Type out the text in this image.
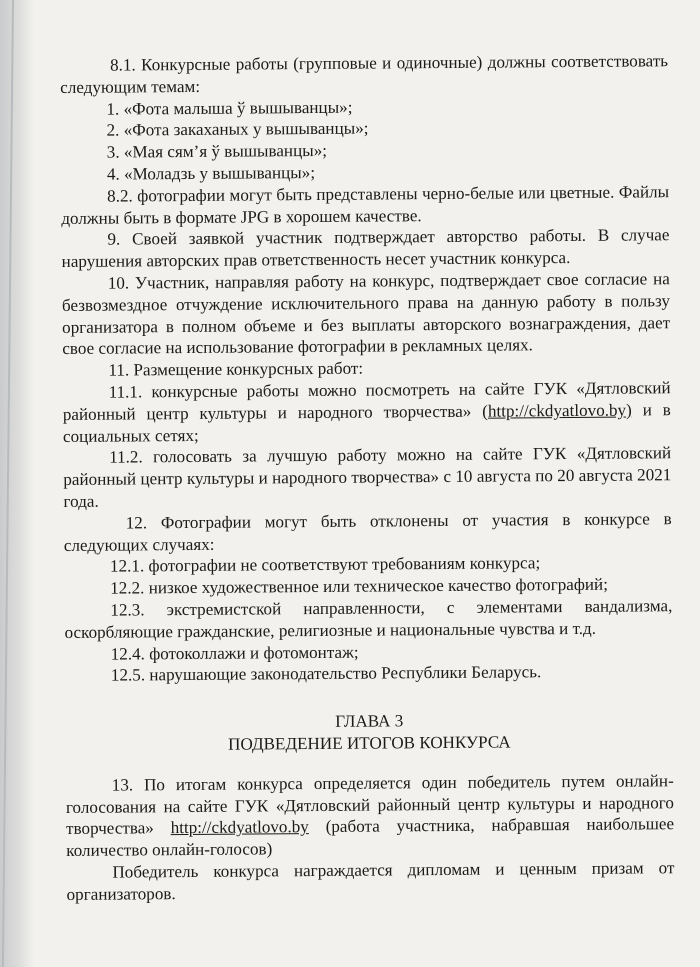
8.1. Конкурсные работы (групповые и одиночные) должны соответствовать следующим темам:

1. «Фота малыша ў вышыванцы»;

2. «Фота закаханых у вышыванцы»;

3. «Мая сям’я ў вышыванцы»;

4. «Моладзь у вышыванцы»;

8.2. фотографии могут быть представлены черно-белые или цветные. Файлы должны быть в формате JPG в хорошем качестве.

9. Своей заявкой участник подтверждает авторство работы. В случае нарушения авторских прав ответственность несет участник конкурса.

10. Участник, направляя работу на конкурс, подтверждает свое согласие на безвозмездное отчуждение исключительного права на данную работу в пользу организатора в полном объеме и без выплаты авторского вознаграждения, дает свое согласие на использование фотографии в рекламных целях.

11. Размещение конкурсных работ:

11.1. конкурсные работы можно посмотреть на сайте ГУК «Дятловский районный центр культуры и народного творчества» (http://ckdyatlovo.by) и в социальных сетях;

11.2. голосовать за лучшую работу можно на сайте ГУК «Дятловский районный центр культуры и народного творчества» с 10 августа по 20 августа 2021 года.

12. Фотографии могут быть отклонены от участия в конкурсе в следующих случаях:

12.1. фотографии не соответствуют требованиям конкурса;

12.2. низкое художественное или техническое качество фотографий;

12.3. экстремистской направленности, с элементами вандализма, оскорбляющие гражданские, религиозные и национальные чувства и т.д.

12.4. фотоколлажи и фотомонтаж;

12.5. нарушающие законодательство Республики Беларусь.

ГЛАВА 3

ПОДВЕДЕНИЕ ИТОГОВ КОНКУРСА

13. По итогам конкурса определяется один победитель путем онлайн-голосования на сайте ГУК «Дятловский районный центр культуры и народного творчества» http://ckdyatlovo.by (работа участника, набравшая наибольшее количество онлайн-голосов)

Победитель конкурса награждается дипломам и ценным призам от организаторов.
